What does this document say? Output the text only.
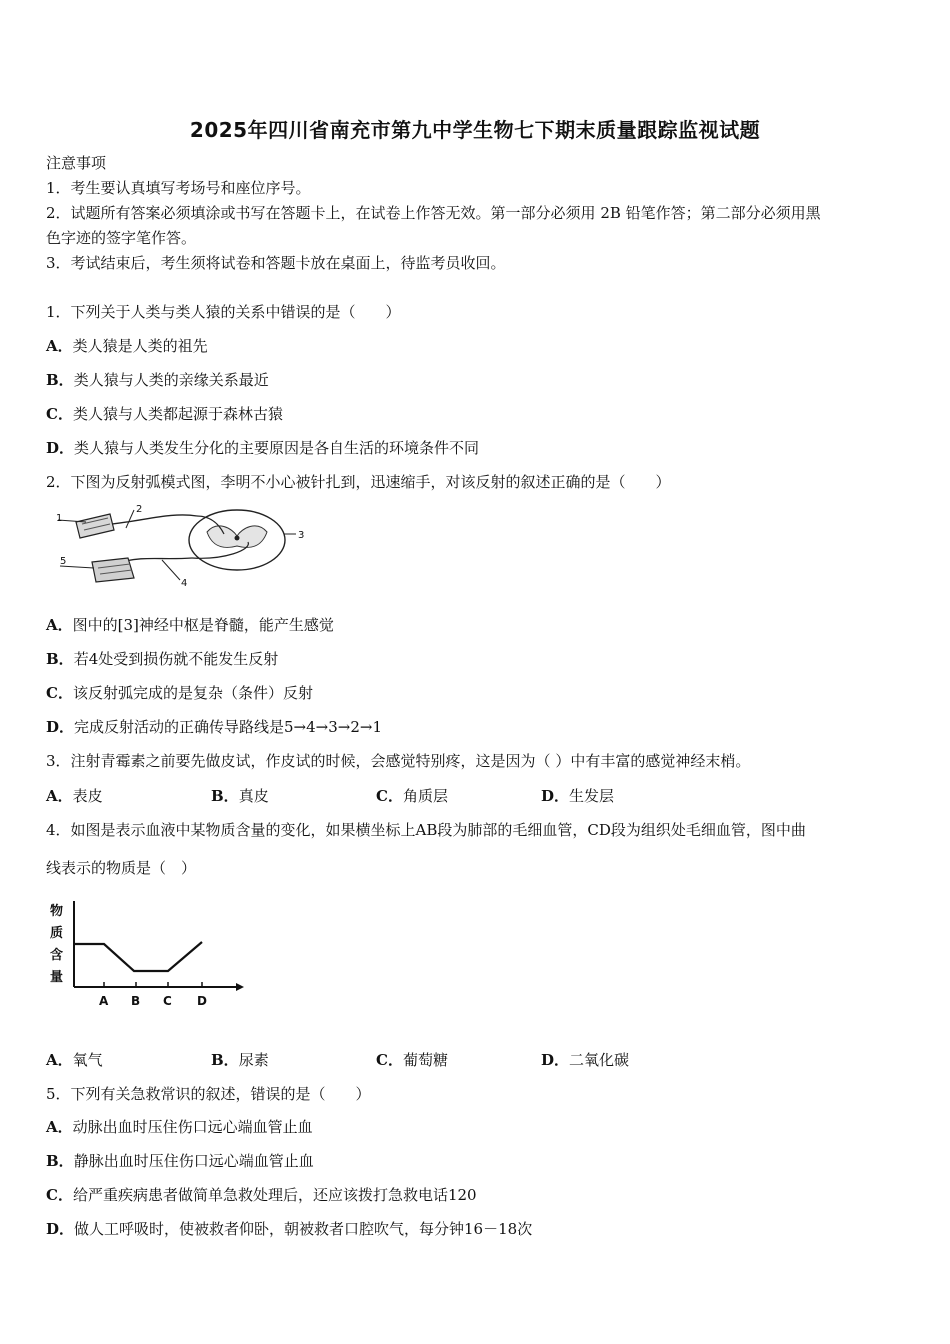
2025年四川省南充市第九中学生物七下期末质量跟踪监视试题
注意事项
1．考生要认真填写考场号和座位序号。
2．试题所有答案必须填涂或书写在答题卡上，在试卷上作答无效。第一部分必须用 2B 铅笔作答；第二部分必须用黑
色字迹的签字笔作答。
3．考试结束后，考生须将试卷和答题卡放在桌面上，待监考员收回。
1．下列关于人类与类人猿的关系中错误的是（　　）
A．类人猿是人类的祖先
B．类人猿与人类的亲缘关系最近
C．类人猿与人类都起源于森林古猿
D．类人猿与人类发生分化的主要原因是各自生活的环境条件不同
2．下图为反射弧模式图，李明不小心被针扎到，迅速缩手，对该反射的叙述正确的是（　　）
1
2
3
4
5
A．图中的[3]神经中枢是脊髓，能产生感觉
B．若4处受到损伤就不能发生反射
C．该反射弧完成的是复杂（条件）反射
D．完成反射活动的正确传导路线是5→4→3→2→1
3．注射青霉素之前要先做皮试，作皮试的时候，会感觉特别疼，这是因为（ ）中有丰富的感觉神经末梢。
A．表皮	B．真皮	C．角质层	D．生发层
4．如图是表示血液中某物质含量的变化，如果横坐标上AB段为肺部的毛细血管，CD段为组织处毛细血管，图中曲
线表示的物质是（　）
物
质
含
量
A B C D
A．氧气	B．尿素	C．葡萄糖	D．二氧化碳
5．下列有关急救常识的叙述，错误的是（　　）
A．动脉出血时压住伤口远心端血管止血
B．静脉出血时压住伤口远心端血管止血
C．给严重疾病患者做简单急救处理后，还应该拨打急救电话120
D．做人工呼吸时，使被救者仰卧，朝被救者口腔吹气，每分钟16－18次
